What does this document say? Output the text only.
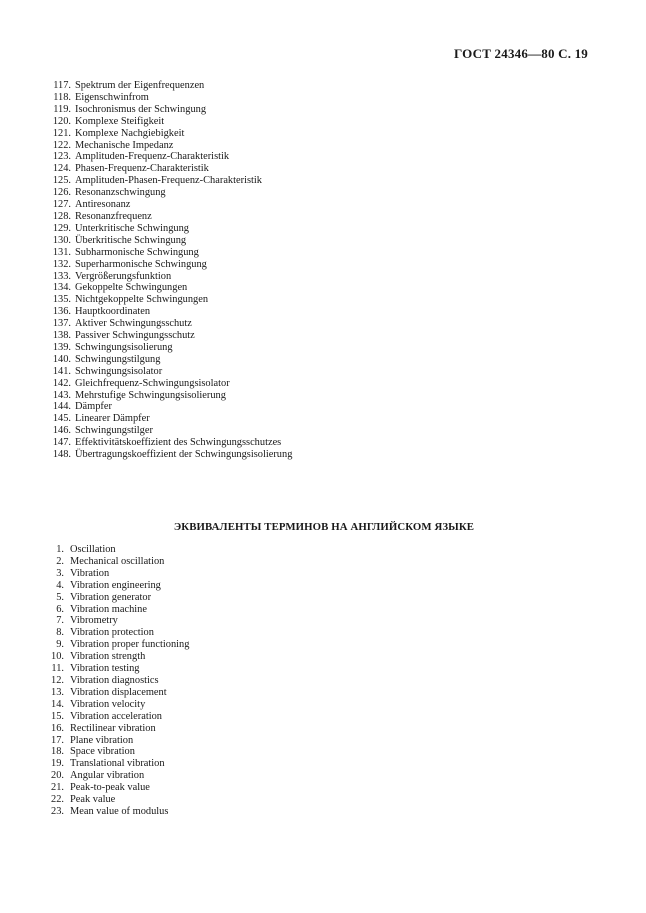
ГОСТ 24346—80 С. 19
117. Spektrum der Eigenfrequenzen
118. Eigenschwinfrom
119. Isochronismus der Schwingung
120. Komplexe Steifigkeit
121. Komplexe Nachgiebigkeit
122. Mechanische Impedanz
123. Amplituden-Frequenz-Charakteristik
124. Phasen-Frequenz-Charakteristik
125. Amplituden-Phasen-Frequenz-Charakteristik
126. Resonanzschwingung
127. Antiresonanz
128. Resonanzfrequenz
129. Unterkritische Schwingung
130. Überkritische Schwingung
131. Subharmonische Schwingung
132. Superharmonische Schwingung
133. Vergrößerungsfunktion
134. Gekoppelte Schwingungen
135. Nichtgekoppelte Schwingungen
136. Hauptkoordinaten
137. Aktiver Schwingungsschutz
138. Passiver Schwingungsschutz
139. Schwingungsisolierung
140. Schwingungstilgung
141. Schwingungsisolator
142. Gleichfrequenz-Schwingungsisolator
143. Mehrstufige Schwingungsisolierung
144. Dämpfer
145. Linearer Dämpfer
146. Schwingungstilger
147. Effektivitätskoeffizient des Schwingungsschutzes
148. Übertragungskoeffizient der Schwingungsisolierung
ЭКВИВАЛЕНТЫ ТЕРМИНОВ НА АНГЛИЙСКОМ ЯЗЫКЕ
1. Oscillation
2. Mechanical oscillation
3. Vibration
4. Vibration engineering
5. Vibration generator
6. Vibration machine
7. Vibrometry
8. Vibration protection
9. Vibration proper functioning
10. Vibration strength
11. Vibration testing
12. Vibration diagnostics
13. Vibration displacement
14. Vibration velocity
15. Vibration acceleration
16. Rectilinear vibration
17. Plane vibration
18. Space vibration
19. Translational vibration
20. Angular vibration
21. Peak-to-peak value
22. Peak value
23. Mean value of modulus
